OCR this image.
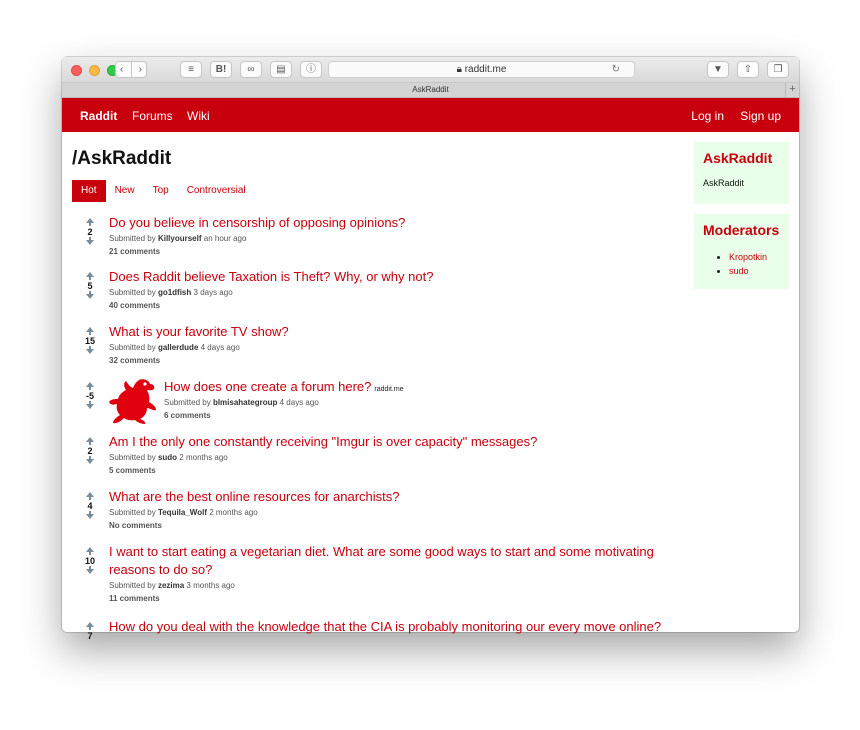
‹ ›	≡	B!	∞	▤	ⓘ	🔒︎ raddit.me	↻	▼	⇧	❐
AskRaddit	+
Raddit Forums Wiki	Log in Sign up
/AskRaddit
Hot	New	Top	Controversial
2
Do you believe in censorship of opposing opinions?
Submitted by Killyourself an hour ago
21 comments
5
Does Raddit believe Taxation is Theft? Why, or why not?
Submitted by go1dfish 3 days ago
40 comments
15
What is your favorite TV show?
Submitted by gallerdude 4 days ago
32 comments
-5
How does one create a forum here? raddit.me
Submitted by blmisahategroup 4 days ago
6 comments
2
Am I the only one constantly receiving "Imgur is over capacity" messages?
Submitted by sudo 2 months ago
5 comments
4
What are the best online resources for anarchists?
Submitted by Tequila_Wolf 2 months ago
No comments
10
I want to start eating a vegetarian diet. What are some good ways to start and some motivating
reasons to do so?
Submitted by zezima 3 months ago
11 comments
7
How do you deal with the knowledge that the CIA is probably monitoring our every move online?
AskRaddit
AskRaddit
Moderators
• Kropotkin
• sudo
